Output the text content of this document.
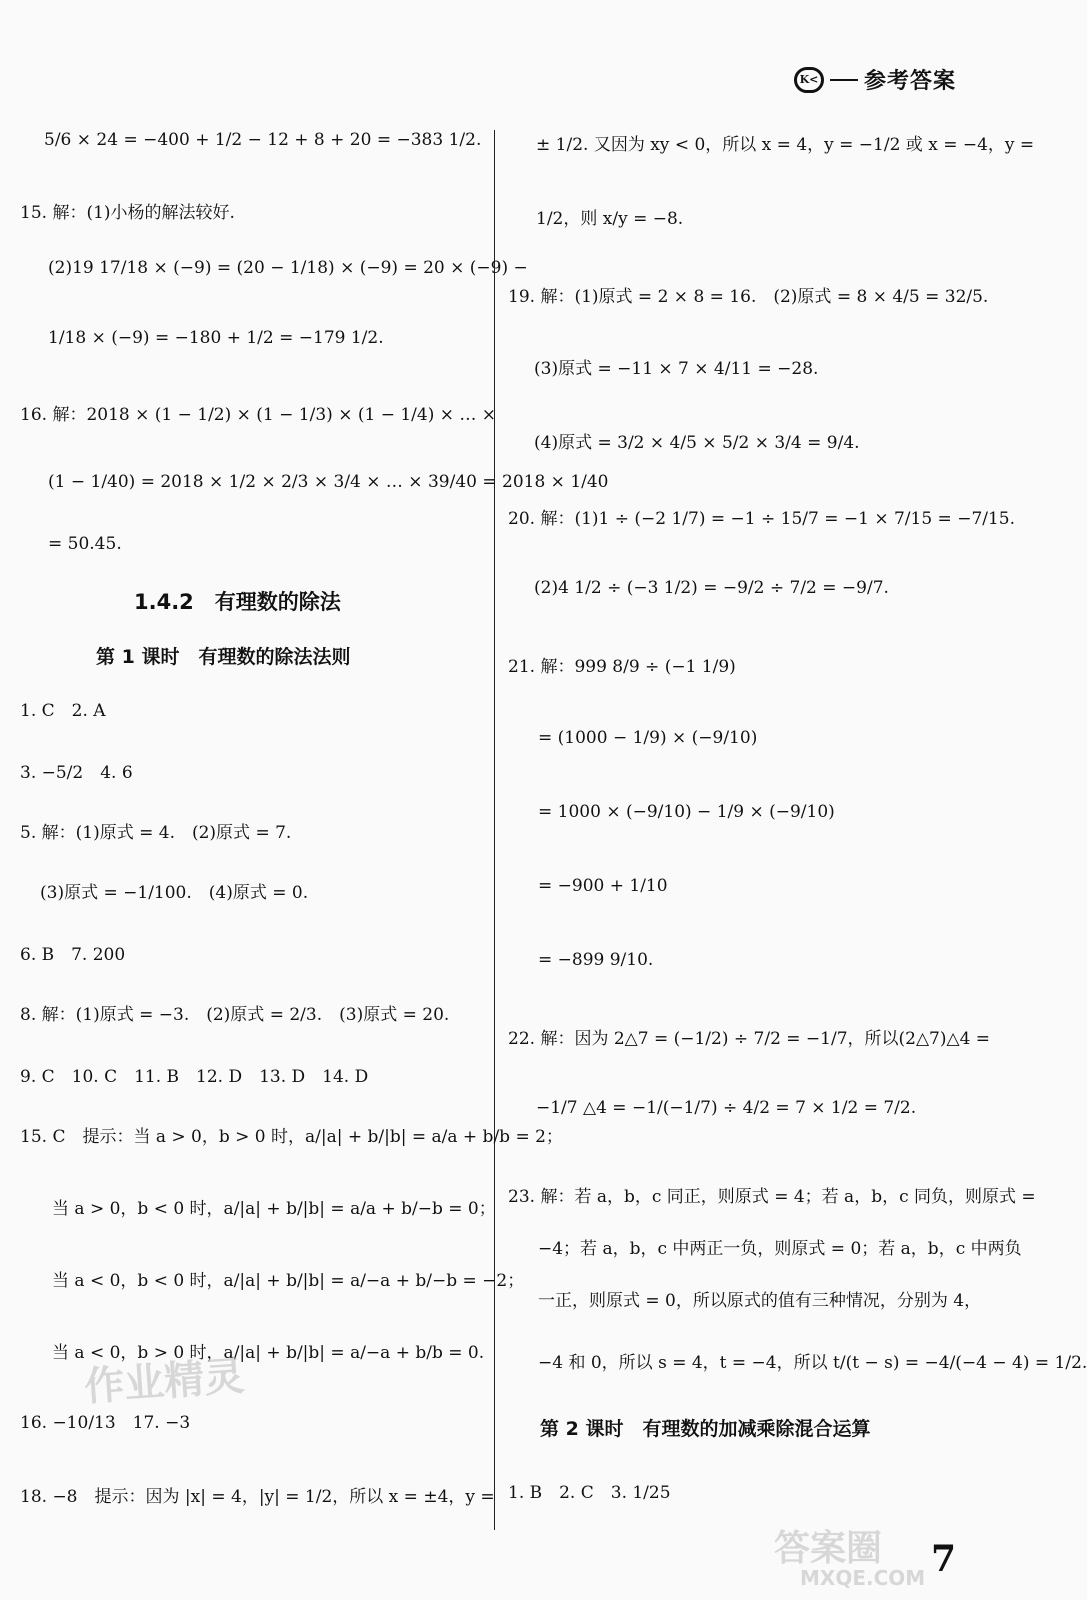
K< 参考答案
5/6 × 24 = −400 + 1/2 − 12 + 8 + 20 = −383 1/2.
15. 解：(1)小杨的解法较好.
(2)19 17/18 × (−9) = (20 − 1/18) × (−9) = 20 × (−9) −
1/18 × (−9) = −180 + 1/2 = −179 1/2.
16. 解：2018 × (1 − 1/2) × (1 − 1/3) × (1 − 1/4) × … ×
(1 − 1/40) = 2018 × 1/2 × 2/3 × 3/4 × … × 39/40 = 2018 × 1/40
= 50.45.
1.4.2　有理数的除法
第 1 课时　有理数的除法法则
1. C　2. A
3. −5/2　4. 6
5. 解：(1)原式 = 4.　(2)原式 = 7.
(3)原式 = −1/100.　(4)原式 = 0.
6. B　7. 200
8. 解：(1)原式 = −3.　(2)原式 = 2/3.　(3)原式 = 20.
9. C　10. C　11. B　12. D　13. D　14. D
15. C　提示：当 a > 0，b > 0 时，a/|a| + b/|b| = a/a + b/b = 2；
当 a > 0，b < 0 时，a/|a| + b/|b| = a/a + b/−b = 0；
当 a < 0，b < 0 时，a/|a| + b/|b| = a/−a + b/−b = −2；
当 a < 0，b > 0 时，a/|a| + b/|b| = a/−a + b/b = 0.
16. −10/13　17. −3
18. −8　提示：因为 |x| = 4，|y| = 1/2，所以 x = ±4，y =
± 1/2. 又因为 xy < 0，所以 x = 4，y = −1/2 或 x = −4，y =
1/2，则 x/y = −8.
19. 解：(1)原式 = 2 × 8 = 16.　(2)原式 = 8 × 4/5 = 32/5.
(3)原式 = −11 × 7 × 4/11 = −28.
(4)原式 = 3/2 × 4/5 × 5/2 × 3/4 = 9/4.
20. 解：(1)1 ÷ (−2 1/7) = −1 ÷ 15/7 = −1 × 7/15 = −7/15.
(2)4 1/2 ÷ (−3 1/2) = −9/2 ÷ 7/2 = −9/7.
21. 解：999 8/9 ÷ (−1 1/9)
= (1000 − 1/9) × (−9/10)
= 1000 × (−9/10) − 1/9 × (−9/10)
= −900 + 1/10
= −899 9/10.
22. 解：因为 2△7 = (−1/2) ÷ 7/2 = −1/7，所以(2△7)△4 =
−1/7 △4 = −1/(−1/7) ÷ 4/2 = 7 × 1/2 = 7/2.
23. 解：若 a，b，c 同正，则原式 = 4；若 a，b，c 同负，则原式 =
−4；若 a，b，c 中两正一负，则原式 = 0；若 a，b，c 中两负
一正，则原式 = 0，所以原式的值有三种情况，分别为 4，
−4 和 0，所以 s = 4，t = −4，所以 t/(t − s) = −4/(−4 − 4) = 1/2.
第 2 课时　有理数的加减乘除混合运算
1. B　2. C　3. 1/25
作业精灵
答案圈
MXQE.COM 7
